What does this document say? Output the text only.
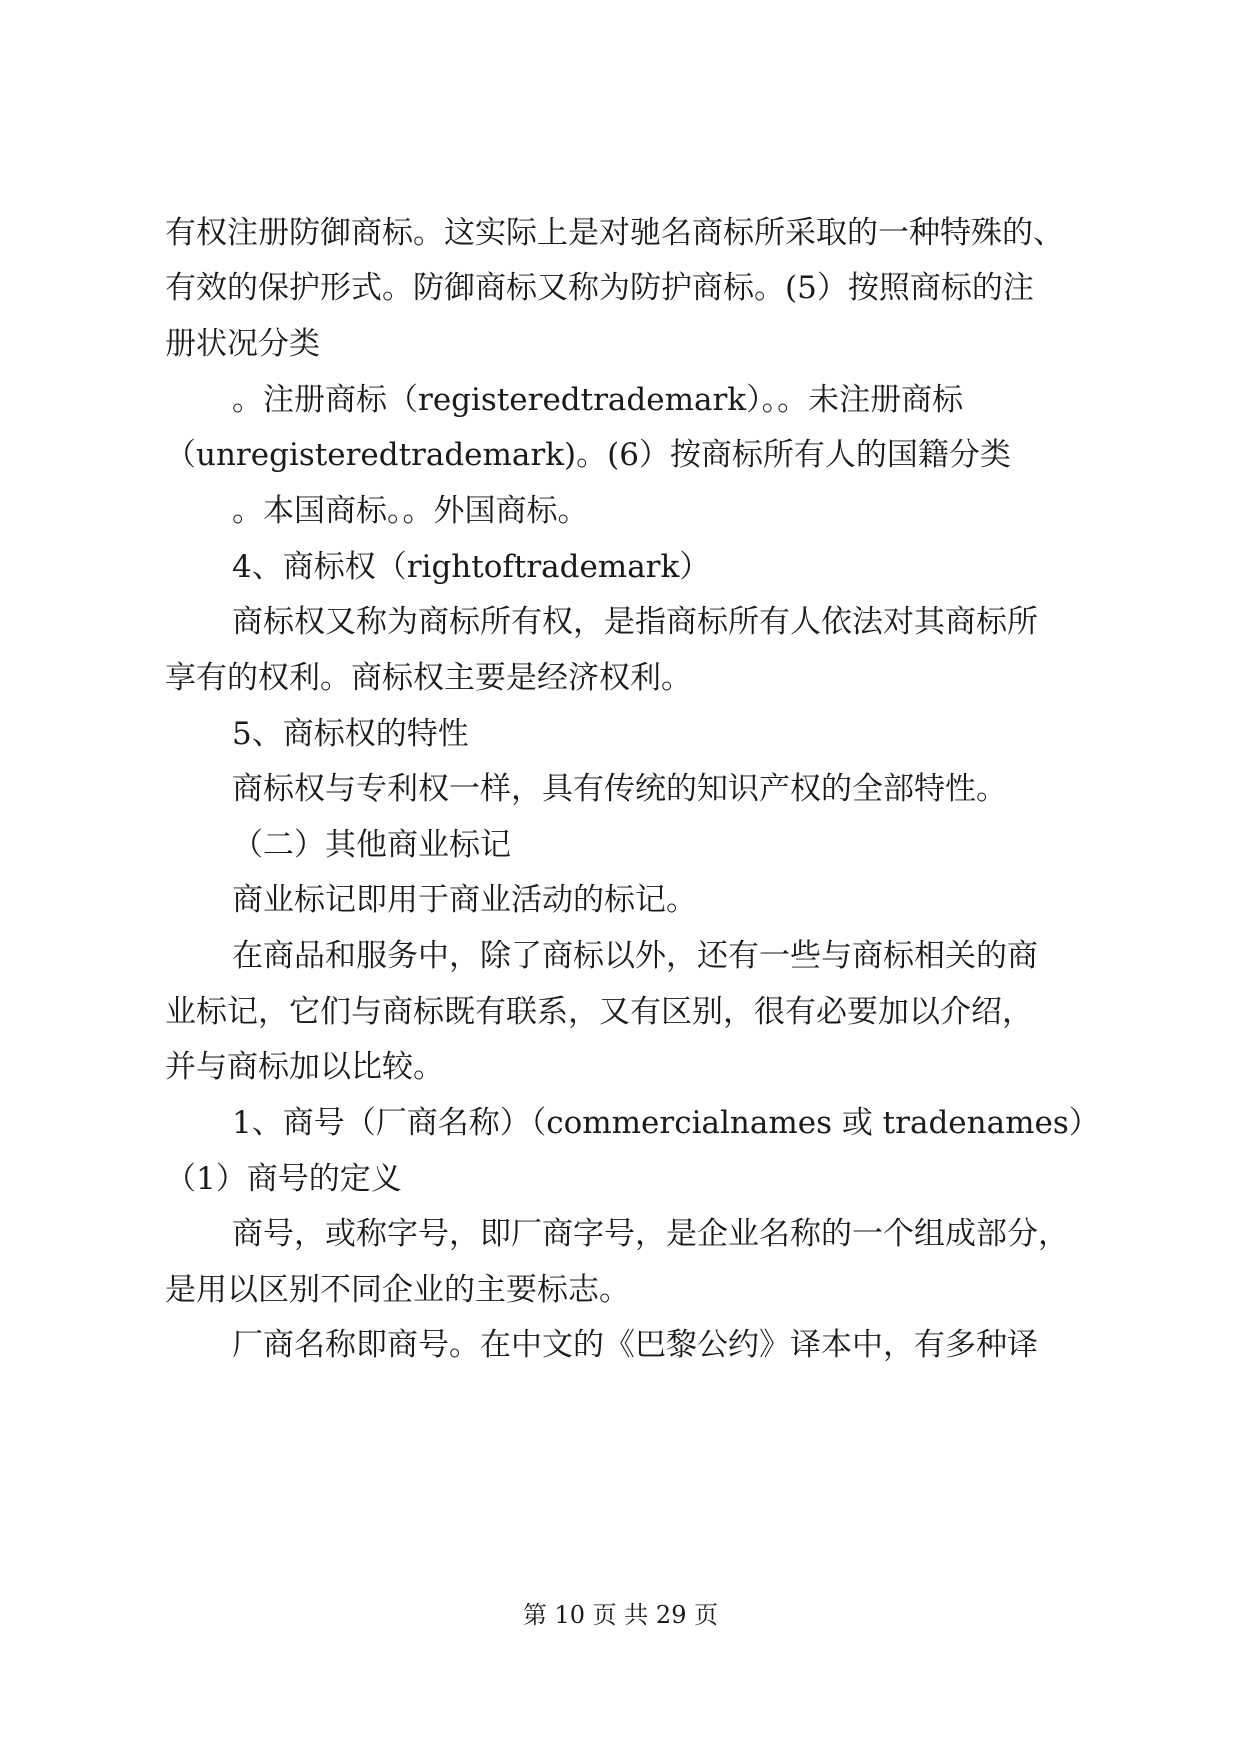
有权注册防御商标。这实际上是对驰名商标所采取的一种特殊的、
有效的保护形式。防御商标又称为防护商标。(5）按照商标的注
册状况分类
。注册商标（registeredtrademark）。。未注册商标
（unregisteredtrademark)。(6）按商标所有人的国籍分类
。本国商标。。外国商标。
4、商标权（rightoftrademark）
商标权又称为商标所有权，是指商标所有人依法对其商标所
享有的权利。商标权主要是经济权利。
5、商标权的特性
商标权与专利权一样，具有传统的知识产权的全部特性。
（二）其他商业标记
商业标记即用于商业活动的标记。
在商品和服务中，除了商标以外，还有一些与商标相关的商
业标记，它们与商标既有联系，又有区别，很有必要加以介绍，
并与商标加以比较。
1、商号（厂商名称）（commercialnames 或 tradenames）
（1）商号的定义
商号，或称字号，即厂商字号，是企业名称的一个组成部分，
是用以区别不同企业的主要标志。
厂商名称即商号。在中文的《巴黎公约》译本中，有多种译
第 10 页 共 29 页
